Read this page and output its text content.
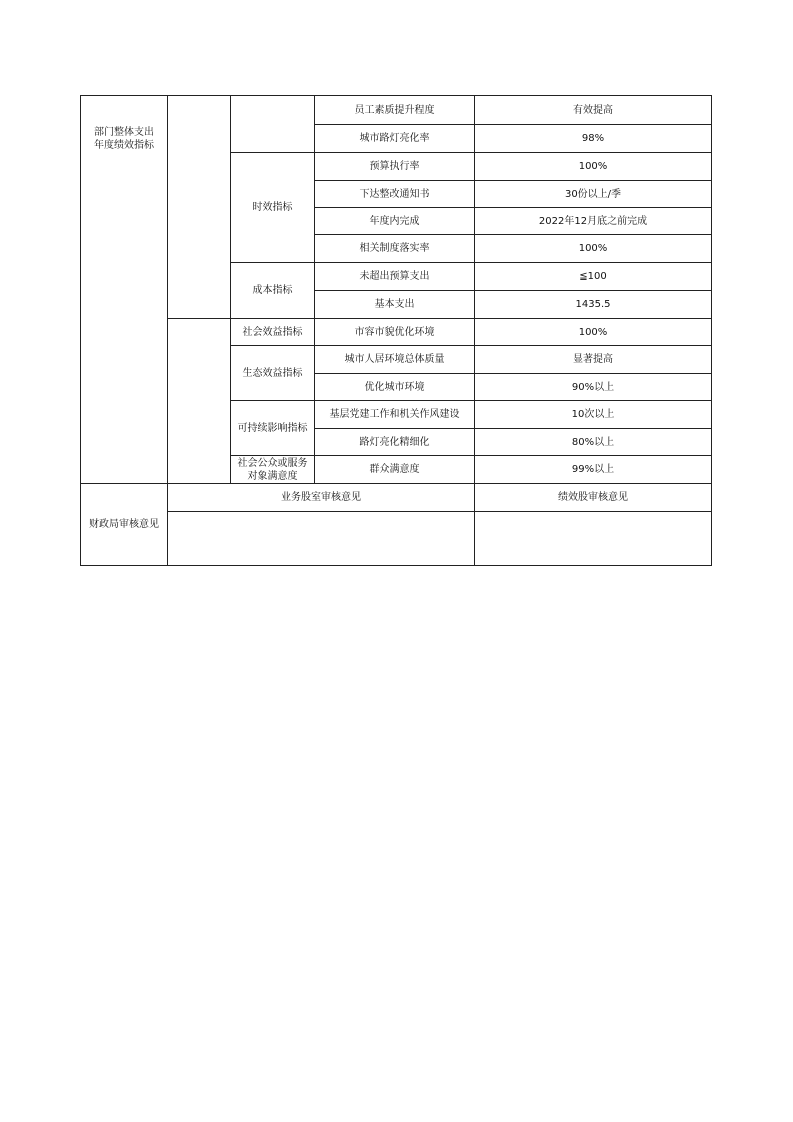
部门整体支出
年度绩效指标
时效指标
成本指标
社会效益指标
生态效益指标
可持续影响指标
社会公众或服务
对象满意度
员工素质提升程度
城市路灯亮化率
预算执行率
下达整改通知书
年度内完成
相关制度落实率
未超出预算支出
基本支出
市容市貌优化环境
城市人居环境总体质量
优化城市环境
基层党建工作和机关作风建设
路灯亮化精细化
群众满意度
有效提高
98%
100%
30份以上/季
2022年12月底之前完成
100%
≦100
1435.5
100%
显著提高
90%以上
10次以上
80%以上
99%以上
财政局审核意见
业务股室审核意见	绩效股审核意见
